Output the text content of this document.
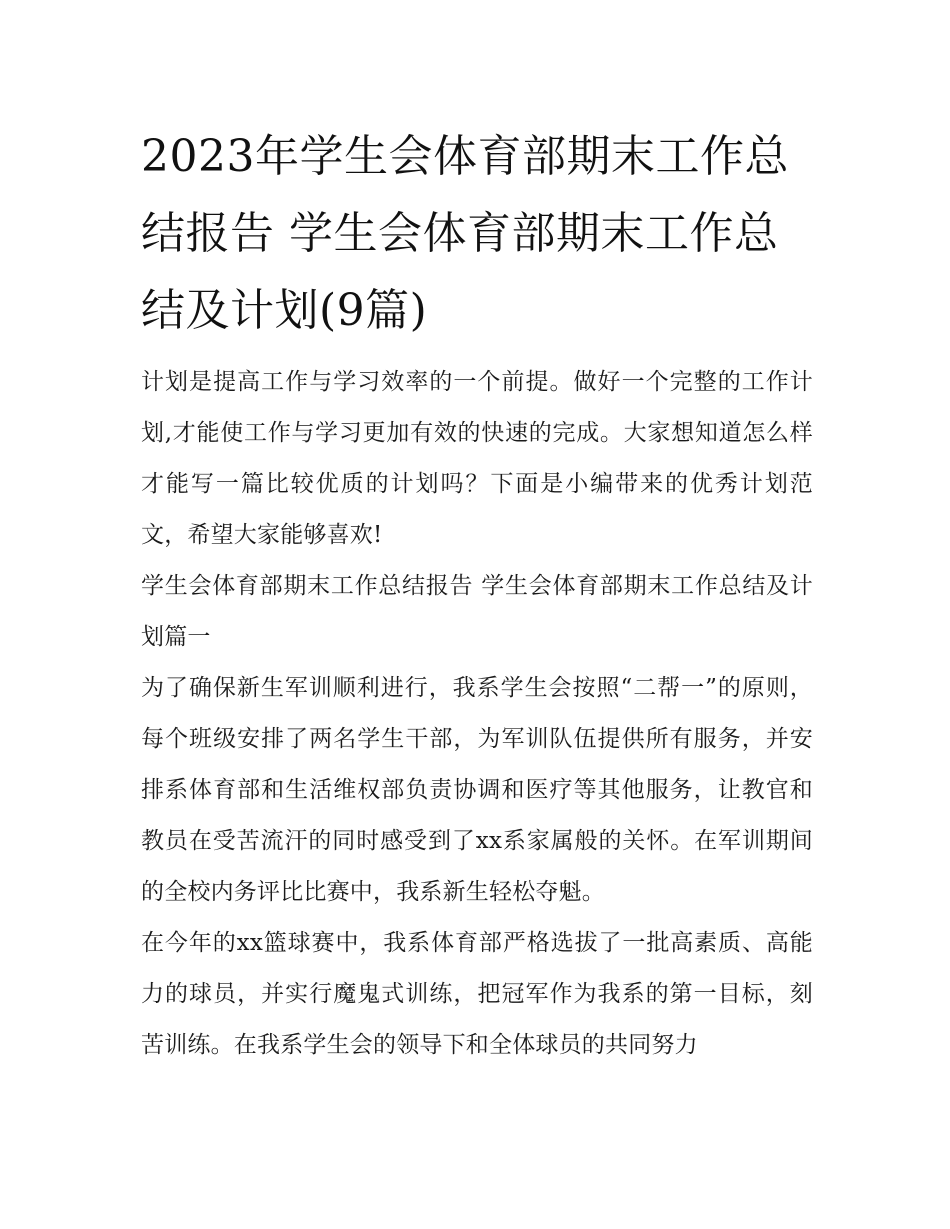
2023年学生会体育部期末工作总结报告 学生会体育部期末工作总结及计划(9篇)

计划是提高工作与学习效率的一个前提。做好一个完整的工作计划,才能使工作与学习更加有效的快速的完成。大家想知道怎么样才能写一篇比较优质的计划吗？下面是小编带来的优秀计划范文，希望大家能够喜欢!

学生会体育部期末工作总结报告 学生会体育部期末工作总结及计划篇一

为了确保新生军训顺利进行，我系学生会按照“二帮一”的原则，每个班级安排了两名学生干部，为军训队伍提供所有服务，并安排系体育部和生活维权部负责协调和医疗等其他服务，让教官和教员在受苦流汗的同时感受到了xx系家属般的关怀。在军训期间的全校内务评比比赛中，我系新生轻松夺魁。

在今年的xx篮球赛中，我系体育部严格选拔了一批高素质、高能力的球员，并实行魔鬼式训练，把冠军作为我系的第一目标，刻苦训练。在我系学生会的领导下和全体球员的共同努力
